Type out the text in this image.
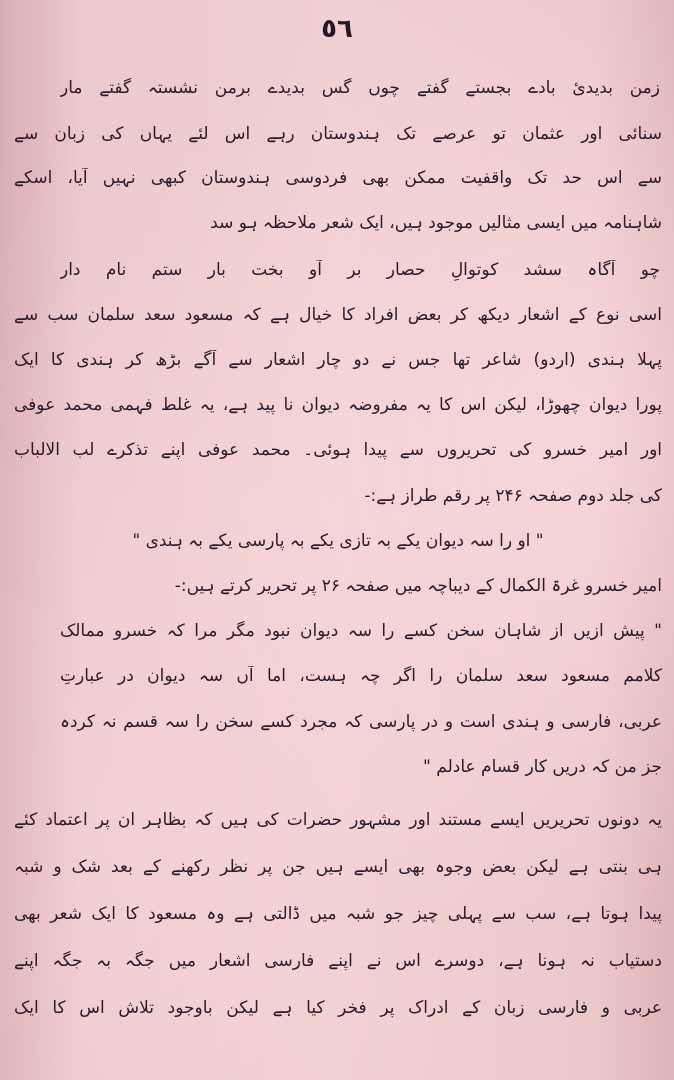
٥٦
زمن بدیدیٔ بادے بجستے گفتے چوں گس بدیدے برمن نشستہ گفتے مار
سنائی اور عثمان تو عرصے تک ہندوستان رہے اس لئے یہاں کی زبان سے
سے اس حد تک واقفیت ممکن بھی فردوسی ہندوستان کبھی نہیں آیا، اسکے
شاہنامہ میں ایسی مثالیں موجود ہیں، ایک شعر ملاحظہ ہو سد
چو آگاہ سشد کوتوالِ حصار بر آو بخت بار ستم نام دار
اسی نوع کے اشعار دیکھ کر بعض افراد کا خیال ہے کہ مسعود سعد سلمان سب سے
پہلا ہندی (اردو) شاعر تھا جس نے دو چار اشعار سے آگے بڑھ کر ہندی کا ایک
پورا دیوان چھوڑا، لیکن اس کا یہ مفروضہ دیوان نا پید ہے، یہ غلط فہمی محمد عوفی
اور امیر خسرو کی تحریروں سے پیدا ہوئی۔ محمد عوفی اپنے تذکرے لب الالباب
کی جلد دوم صفحہ ۲۴۶ پر رقم طراز ہے:-
" او را سہ دیوان یکے بہ تازی یکے بہ پارسی یکے بہ ہندی "
امیر خسرو غرۃ الکمال کے دیباچہ میں صفحہ ۲۶ پر تحریر کرتے ہیں:-
" پیش ازیں از شاہان سخن کسے را سہ دیوان نبود مگر مرا کہ خسرو ممالک
کلامم مسعود سعد سلمان را اگر چہ ہست، اما آں سہ دیوان در عبارتِ
عربی، فارسی و ہندی است و در پارسی کہ مجرد کسے سخن را سہ قسم نہ کردہ
جز من کہ دریں کار قسام عادلم "
یہ دونوں تحریریں ایسے مستند اور مشہور حضرات کی ہیں کہ بظاہر ان پر اعتماد کئے
ہی بنتی ہے لیکن بعض وجوہ بھی ایسے ہیں جن پر نظر رکھنے کے بعد شک و شبہ
پیدا ہوتا ہے، سب سے پہلی چیز جو شبہ میں ڈالتی ہے وہ مسعود کا ایک شعر بھی
دستیاب نہ ہونا ہے، دوسرے اس نے اپنے فارسی اشعار میں جگہ بہ جگہ اپنے
عربی و فارسی زبان کے ادراک پر فخر کیا ہے لیکن باوجود تلاش اس کا ایک
